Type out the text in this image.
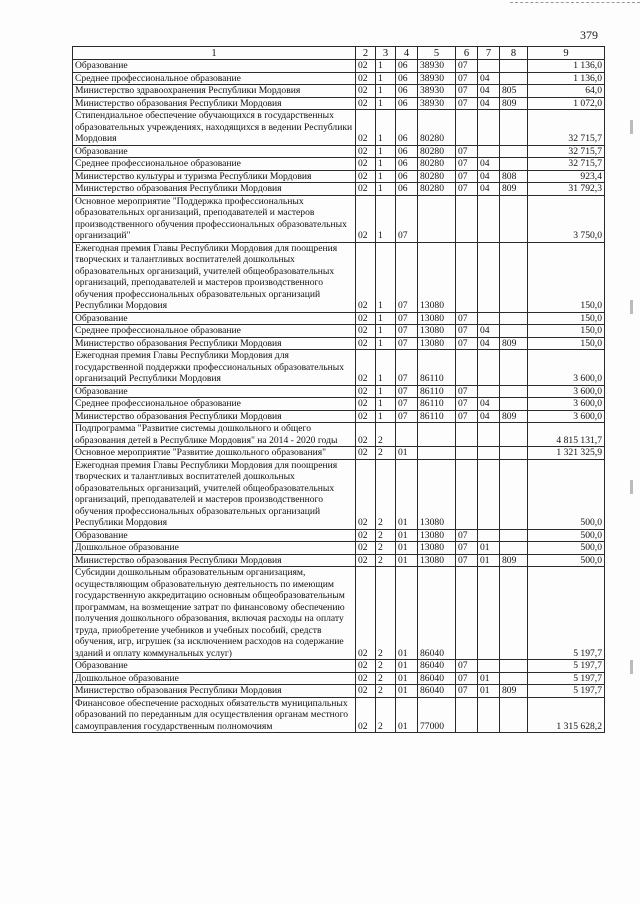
379
1	2	3	4	5	6	7	8	9
Образование	02	1	06	38930	07			1 136,0
Среднее профессиональное образование	02	1	06	38930	07	04		1 136,0
Министерство здравоохранения Республики Мордовия	02	1	06	38930	07	04	805	64,0
Министерство образования Республики Мордовия	02	1	06	38930	07	04	809	1 072,0
Стипендиальное обеспечение обучающихся в государственных образовательных учреждениях, находящихся в ведении Республики Мордовия	02	1	06	80280				32 715,7
Образование	02	1	06	80280	07			32 715,7
Среднее профессиональное образование	02	1	06	80280	07	04		32 715,7
Министерство культуры и туризма Республики Мордовия	02	1	06	80280	07	04	808	923,4
Министерство образования Республики Мордовия	02	1	06	80280	07	04	809	31 792,3
Основное мероприятие "Поддержка профессиональных образовательных организаций, преподавателей и мастеров производственного обучения профессиональных образовательных организаций"	02	1	07					3 750,0
Ежегодная премия Главы Республики Мордовия для поощрения творческих и талантливых воспитателей дошкольных образовательных организаций, учителей общеобразовательных организаций, преподавателей и мастеров производственного обучения профессиональных образовательных организаций Республики Мордовия	02	1	07	13080				150,0
Образование	02	1	07	13080	07			150,0
Среднее профессиональное образование	02	1	07	13080	07	04		150,0
Министерство образования Республики Мордовия	02	1	07	13080	07	04	809	150,0
Ежегодная премия Главы Республики Мордовия для государственной поддержки профессиональных образовательных организаций Республики Мордовия	02	1	07	86110				3 600,0
Образование	02	1	07	86110	07			3 600,0
Среднее профессиональное образование	02	1	07	86110	07	04		3 600,0
Министерство образования Республики Мордовия	02	1	07	86110	07	04	809	3 600,0
Подпрограмма "Развитие системы дошкольного и общего образования детей в Республике Мордовия" на 2014 - 2020 годы	02	2						4 815 131,7
Основное мероприятие "Развитие дошкольного образования"	02	2	01					1 321 325,9
Ежегодная премия Главы Республики Мордовия для поощрения творческих и талантливых воспитателей дошкольных образовательных организаций, учителей общеобразовательных организаций, преподавателей и мастеров производственного обучения профессиональных образовательных организаций Республики Мордовия	02	2	01	13080				500,0
Образование	02	2	01	13080	07			500,0
Дошкольное образование	02	2	01	13080	07	01		500,0
Министерство образования Республики Мордовия	02	2	01	13080	07	01	809	500,0
Субсидии дошкольным образовательным организациям, осуществляющим образовательную деятельность по имеющим государственную аккредитацию основным общеобразовательным программам, на возмещение затрат по финансовому обеспечению получения дошкольного образования, включая расходы на оплату труда, приобретение учебников и учебных пособий, средств обучения, игр, игрушек (за исключением расходов на содержание зданий и оплату коммунальных услуг)	02	2	01	86040				5 197,7
Образование	02	2	01	86040	07			5 197,7
Дошкольное образование	02	2	01	86040	07	01		5 197,7
Министерство образования Республики Мордовия	02	2	01	86040	07	01	809	5 197,7
Финансовое обеспечение расходных обязательств муниципальных образований по переданным для осуществления органам местного самоуправления государственным полномочиям	02	2	01	77000				1 315 628,2
